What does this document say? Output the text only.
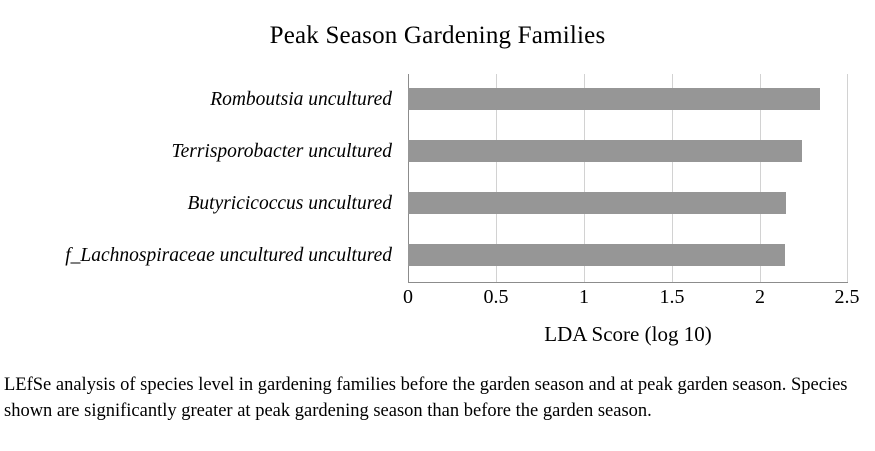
Peak Season Gardening Families
Romboutsia uncultured
Terrisporobacter uncultured
Butyricicoccus uncultured
f_Lachnospiraceae uncultured uncultured
0	0.5	1	1.5	2	2.5
LDA Score (log 10)
LEfSe analysis of species level in gardening families before the garden season and at peak garden season. Species shown are significantly greater at peak gardening season than before the garden season.
